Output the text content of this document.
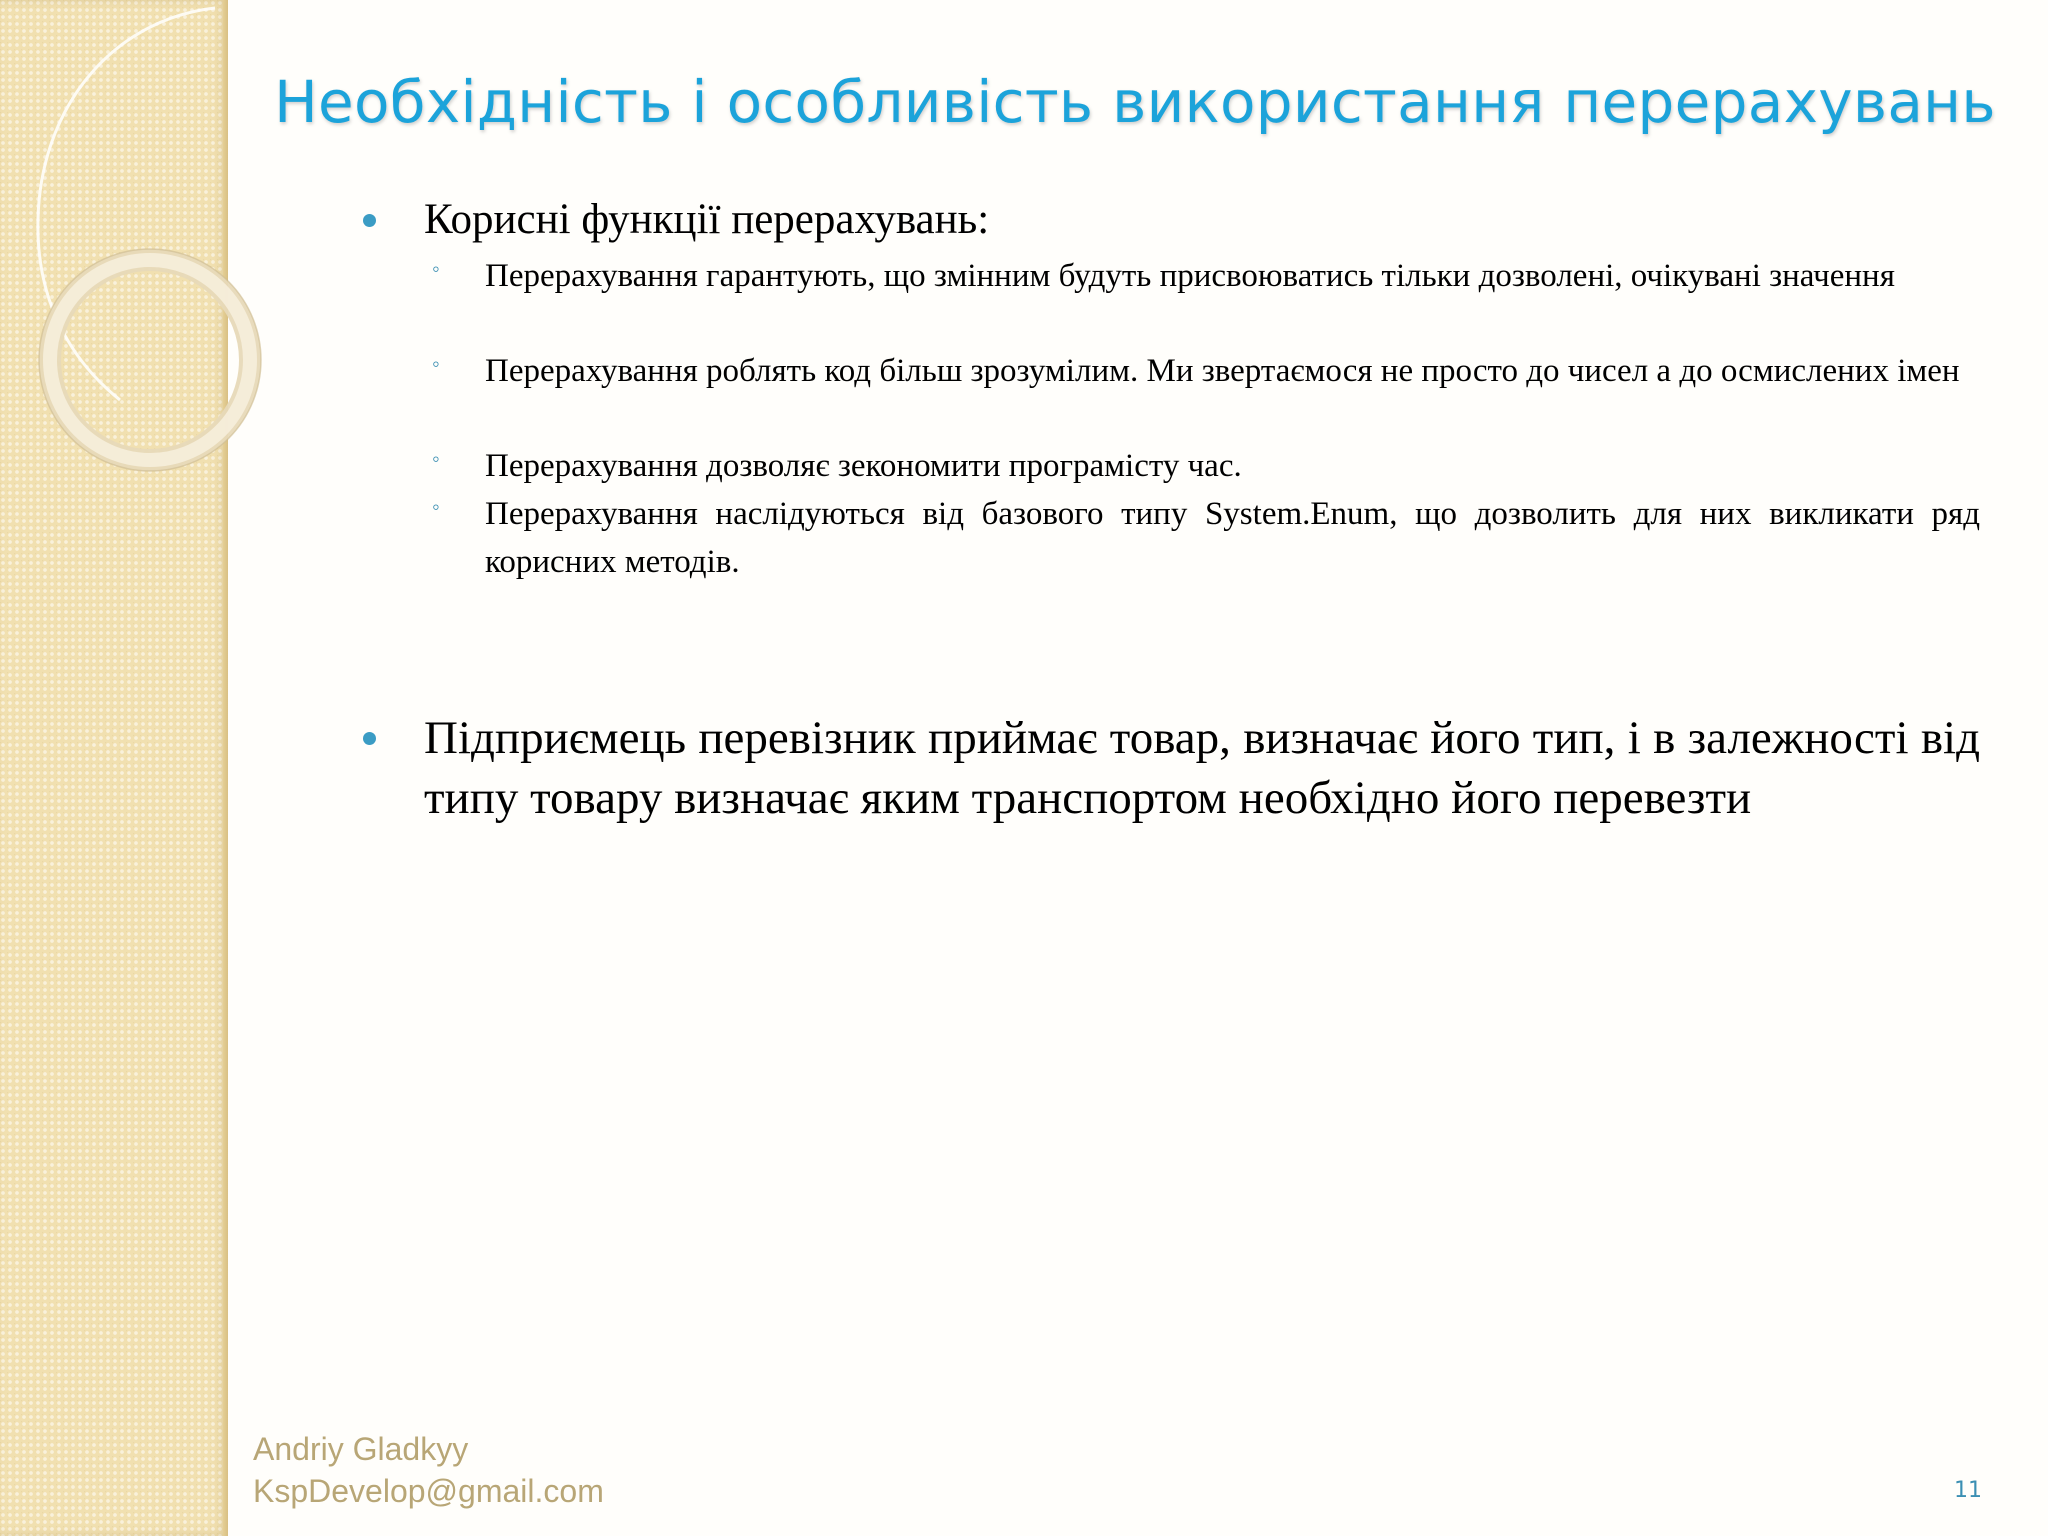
Необхідність і особливість використання перерахувань
Корисні функції перерахувань:
◦ Перерахування гарантують, що змінним будуть присвоюватись тільки дозволені, очікувані значення
◦ Перерахування роблять код більш зрозумілим. Ми звертаємося не просто до чисел а до осмислених імен
◦ Перерахування дозволяє зекономити програмісту час.
◦ Перерахування наслідуються від базового типу System.Enum, що дозволить для них викликати ряд корисних методів.
Підприємець перевізник приймає товар, визначає його тип, і в залежності від типу товару визначає яким транспортом необхідно його перевезти
Andriy Gladkyy
KspDevelop@gmail.com	11
